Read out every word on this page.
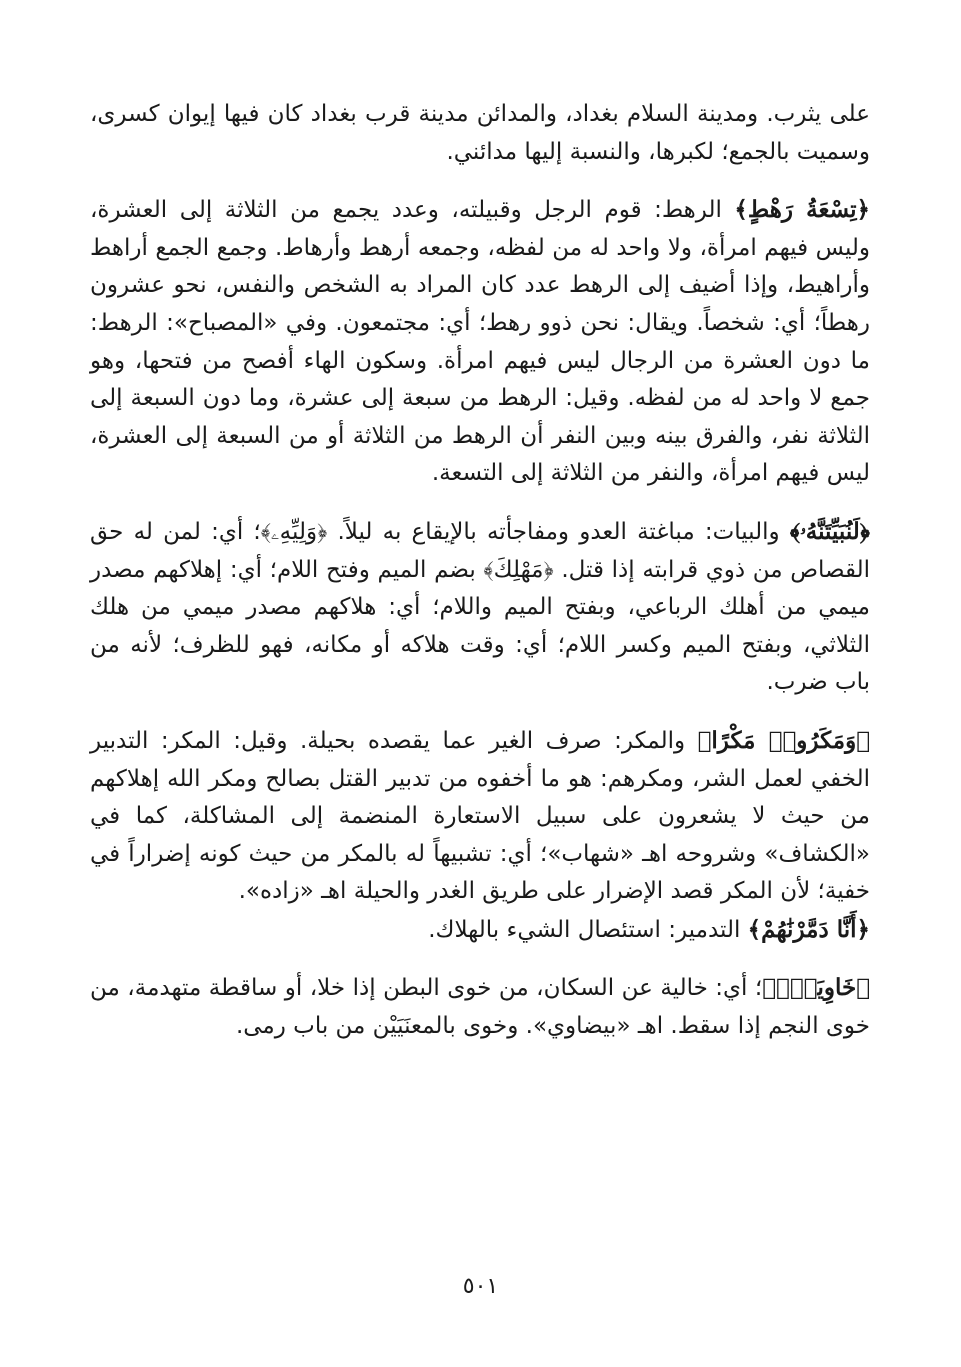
على يثرب. ومدينة السلام بغداد، والمدائن مدينة قرب بغداد كان فيها إيوان كسرى، وسميت بالجمع؛ لكبرها، والنسبة إليها مدائني.

﴿تِسْعَةُ رَهْطٍ﴾ الرهط: قوم الرجل وقبيلته، وعدد يجمع من الثلاثة إلى العشرة، وليس فيهم امرأة، ولا واحد له من لفظه، وجمعه أرهط وأرهاط. وجمع الجمع أراهط وأراهيط، وإذا أضيف إلى الرهط عدد كان المراد به الشخص والنفس، نحو عشرون رهطاً؛ أي: شخصاً. ويقال: نحن ذوو رهط؛ أي: مجتمعون. وفي «المصباح»: الرهط: ما دون العشرة من الرجال ليس فيهم امرأة. وسكون الهاء أفصح من فتحها، وهو جمع لا واحد له من لفظه. وقيل: الرهط من سبعة إلى عشرة، وما دون السبعة إلى الثلاثة نفر، والفرق بينه وبين النفر أن الرهط من الثلاثة أو من السبعة إلى العشرة، ليس فيهم امرأة، والنفر من الثلاثة إلى التسعة.

﴿لَنُبَيِّتَنَّهُۥ﴾ والبيات: مباغتة العدو ومفاجأته بالإيقاع به ليلاً. ﴿وَلِيِّهِۦ﴾؛ أي: لمن له حق القصاص من ذوي قرابته إذا قتل. ﴿مَهْلِكَ﴾ بضم الميم وفتح اللام؛ أي: إهلاكهم مصدر ميمي من أهلك الرباعي، وبفتح الميم واللام؛ أي: هلاكهم مصدر ميمي من هلك الثلاثي، وبفتح الميم وكسر اللام؛ أي: وقت هلاكه أو مكانه، فهو للظرف؛ لأنه من باب ضرب.

﴿وَمَكَرُوا۟ مَكْرًا﴾ والمكر: صرف الغير عما يقصده بحيلة. وقيل: المكر: التدبير الخفي لعمل الشر، ومكرهم: هو ما أخفوه من تدبير القتل بصالح ومكر الله إهلاكهم من حيث لا يشعرون على سبيل الاستعارة المنضمة إلى المشاكلة، كما في «الكشاف» وشروحه اهـ «شهاب»؛ أي: تشبيهاً له بالمكر من حيث كونه إضراراً في خفية؛ لأن المكر قصد الإضرار على طريق الغدر والحيلة اهـ «زاده».

﴿أَنَّا دَمَّرْنَٰهُمْ﴾ التدمير: استئصال الشيء بالهلاك.

﴿خَاوِيَةًۢ﴾؛ أي: خالية عن السكان، من خوى البطن إذا خلا، أو ساقطة متهدمة، من خوى النجم إذا سقط. اهـ «بيضاوي». وخوى بالمعنَيَيْن من باب رمى.

٥٠١
